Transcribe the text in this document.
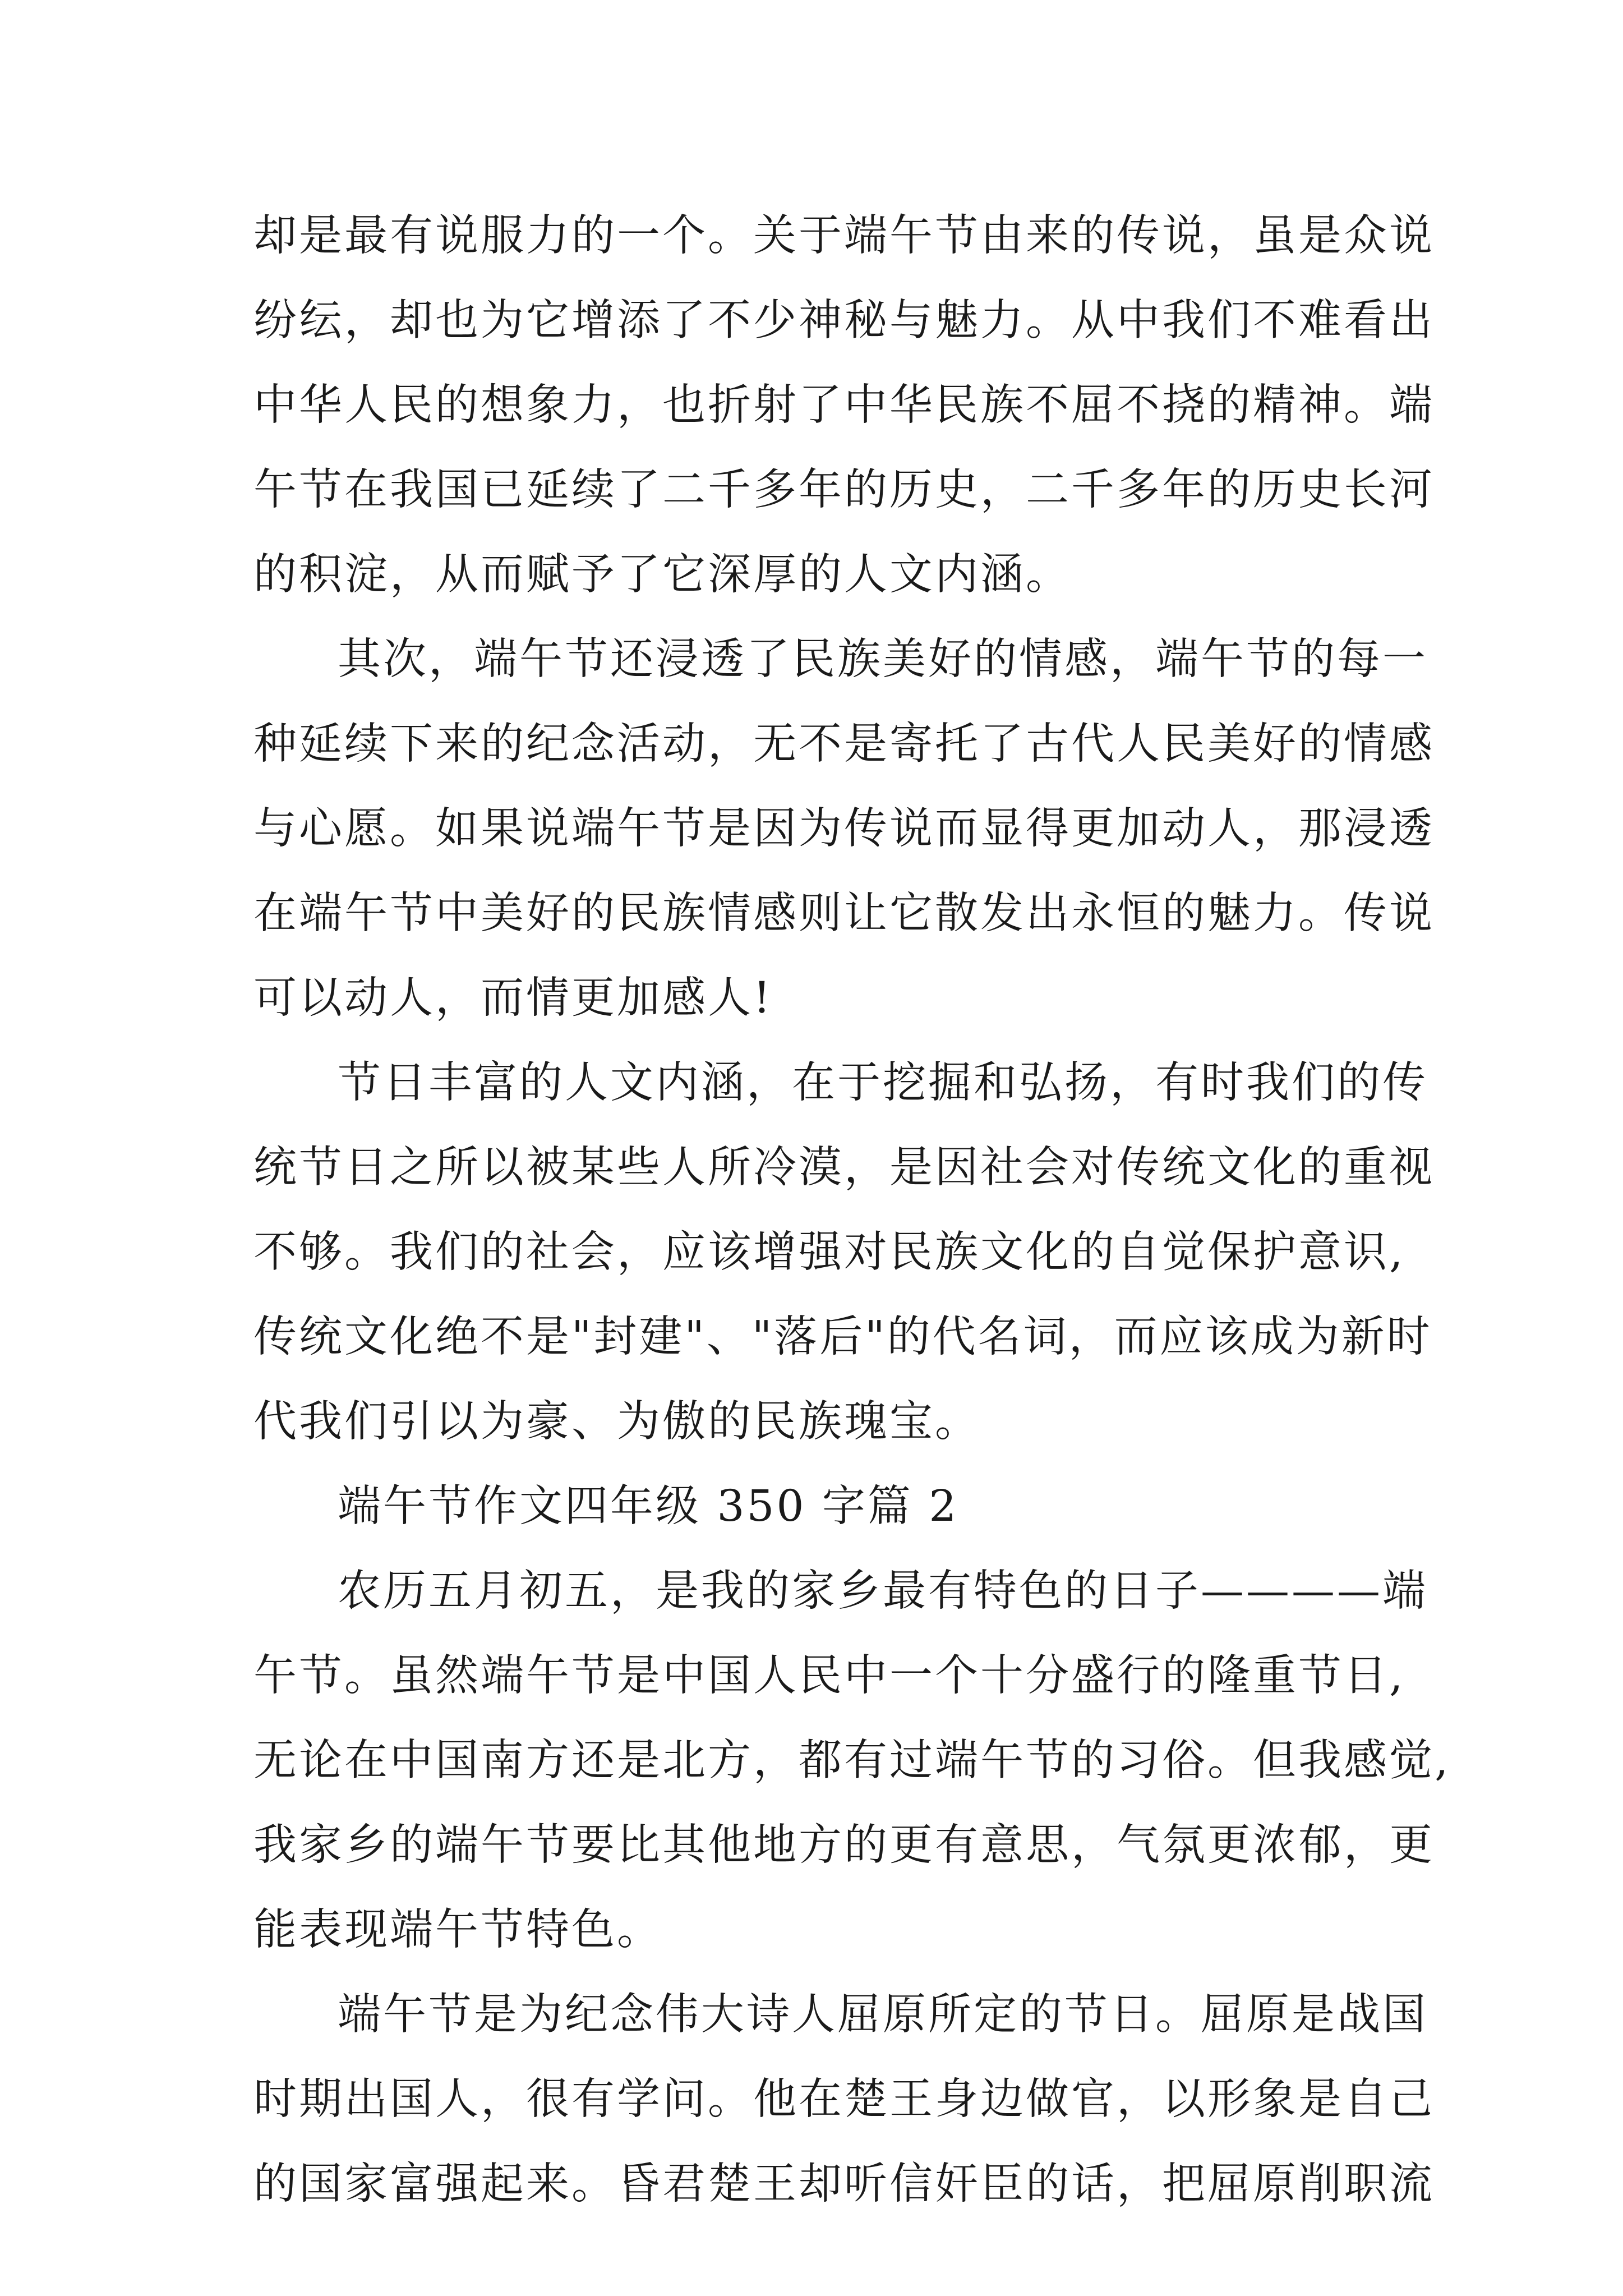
却是最有说服力的一个。关于端午节由来的传说，虽是众说
纷纭，却也为它增添了不少神秘与魅力。从中我们不难看出
中华人民的想象力，也折射了中华民族不屈不挠的精神。端
午节在我国已延续了二千多年的历史，二千多年的历史长河
的积淀，从而赋予了它深厚的人文内涵。
其次，端午节还浸透了民族美好的情感，端午节的每一
种延续下来的纪念活动，无不是寄托了古代人民美好的情感
与心愿。如果说端午节是因为传说而显得更加动人，那浸透
在端午节中美好的民族情感则让它散发出永恒的魅力。传说
可以动人，而情更加感人!
节日丰富的人文内涵，在于挖掘和弘扬，有时我们的传
统节日之所以被某些人所冷漠，是因社会对传统文化的重视
不够。我们的社会，应该增强对民族文化的自觉保护意识,
传统文化绝不是"封建"、"落后"的代名词，而应该成为新时
代我们引以为豪、为傲的民族瑰宝。
端午节作文四年级 350 字篇 2
农历五月初五，是我的家乡最有特色的日子————端
午节。虽然端午节是中国人民中一个十分盛行的隆重节日,
无论在中国南方还是北方，都有过端午节的习俗。但我感觉,
我家乡的端午节要比其他地方的更有意思，气氛更浓郁，更
能表现端午节特色。
端午节是为纪念伟大诗人屈原所定的节日。屈原是战国
时期出国人，很有学问。他在楚王身边做官，以形象是自己
的国家富强起来。昏君楚王却听信奸臣的话，把屈原削职流
